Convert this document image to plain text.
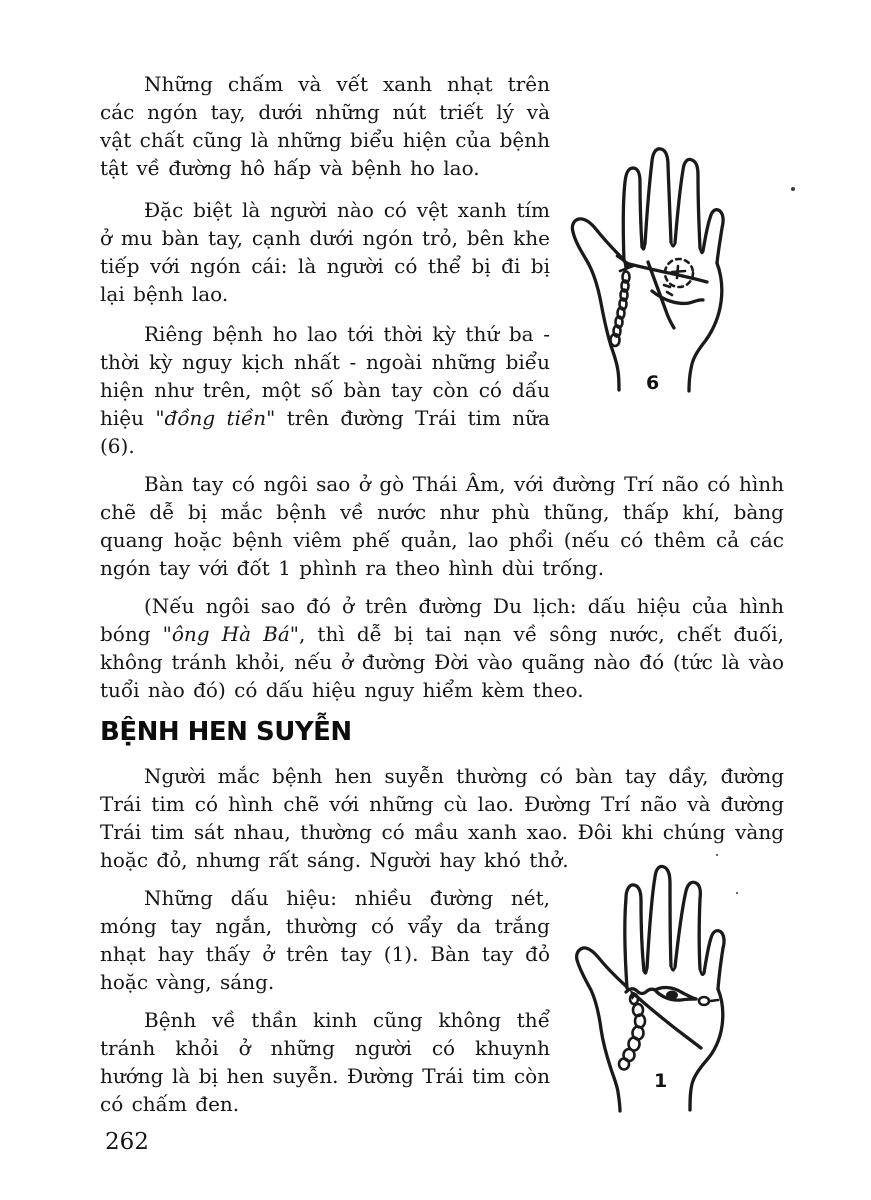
Những chấm và vết xanh nhạt trên các ngón tay, dưới những nút triết lý và vật chất cũng là những biểu hiện của bệnh tật về đường hô hấp và bệnh ho lao.

Đặc biệt là người nào có vệt xanh tím ở mu bàn tay, cạnh dưới ngón trỏ, bên khe tiếp với ngón cái: là người có thể bị đi bị lại bệnh lao.

Riêng bệnh ho lao tới thời kỳ thứ ba - thời kỳ nguy kịch nhất - ngoài những biểu hiện như trên, một số bàn tay còn có dấu hiệu "đồng tiền" trên đường Trái tim nữa (6).

Bàn tay có ngôi sao ở gò Thái Âm, với đường Trí não có hình chẽ dễ bị mắc bệnh về nước như phù thũng, thấp khí, bàng quang hoặc bệnh viêm phế quản, lao phổi (nếu có thêm cả các ngón tay với đốt 1 phình ra theo hình dùi trống.

(Nếu ngôi sao đó ở trên đường Du lịch: dấu hiệu của hình bóng "ông Hà Bá", thì dễ bị tai nạn về sông nước, chết đuối, không tránh khỏi, nếu ở đường Đời vào quãng nào đó (tức là vào tuổi nào đó) có dấu hiệu nguy hiểm kèm theo.

BỆNH HEN SUYỄN

Người mắc bệnh hen suyễn thường có bàn tay dầy, đường Trái tim có hình chẽ với những cù lao. Đường Trí não và đường Trái tim sát nhau, thường có mầu xanh xao. Đôi khi chúng vàng hoặc đỏ, nhưng rất sáng. Người hay khó thở.

Những dấu hiệu: nhiều đường nét, móng tay ngắn, thường có vẩy da trắng nhạt hay thấy ở trên tay (1). Bàn tay đỏ hoặc vàng, sáng.

Bệnh về thần kinh cũng không thể tránh khỏi ở những người có khuynh hướng là bị hen suyễn. Đường Trái tim còn có chấm đen.

6
1
262
